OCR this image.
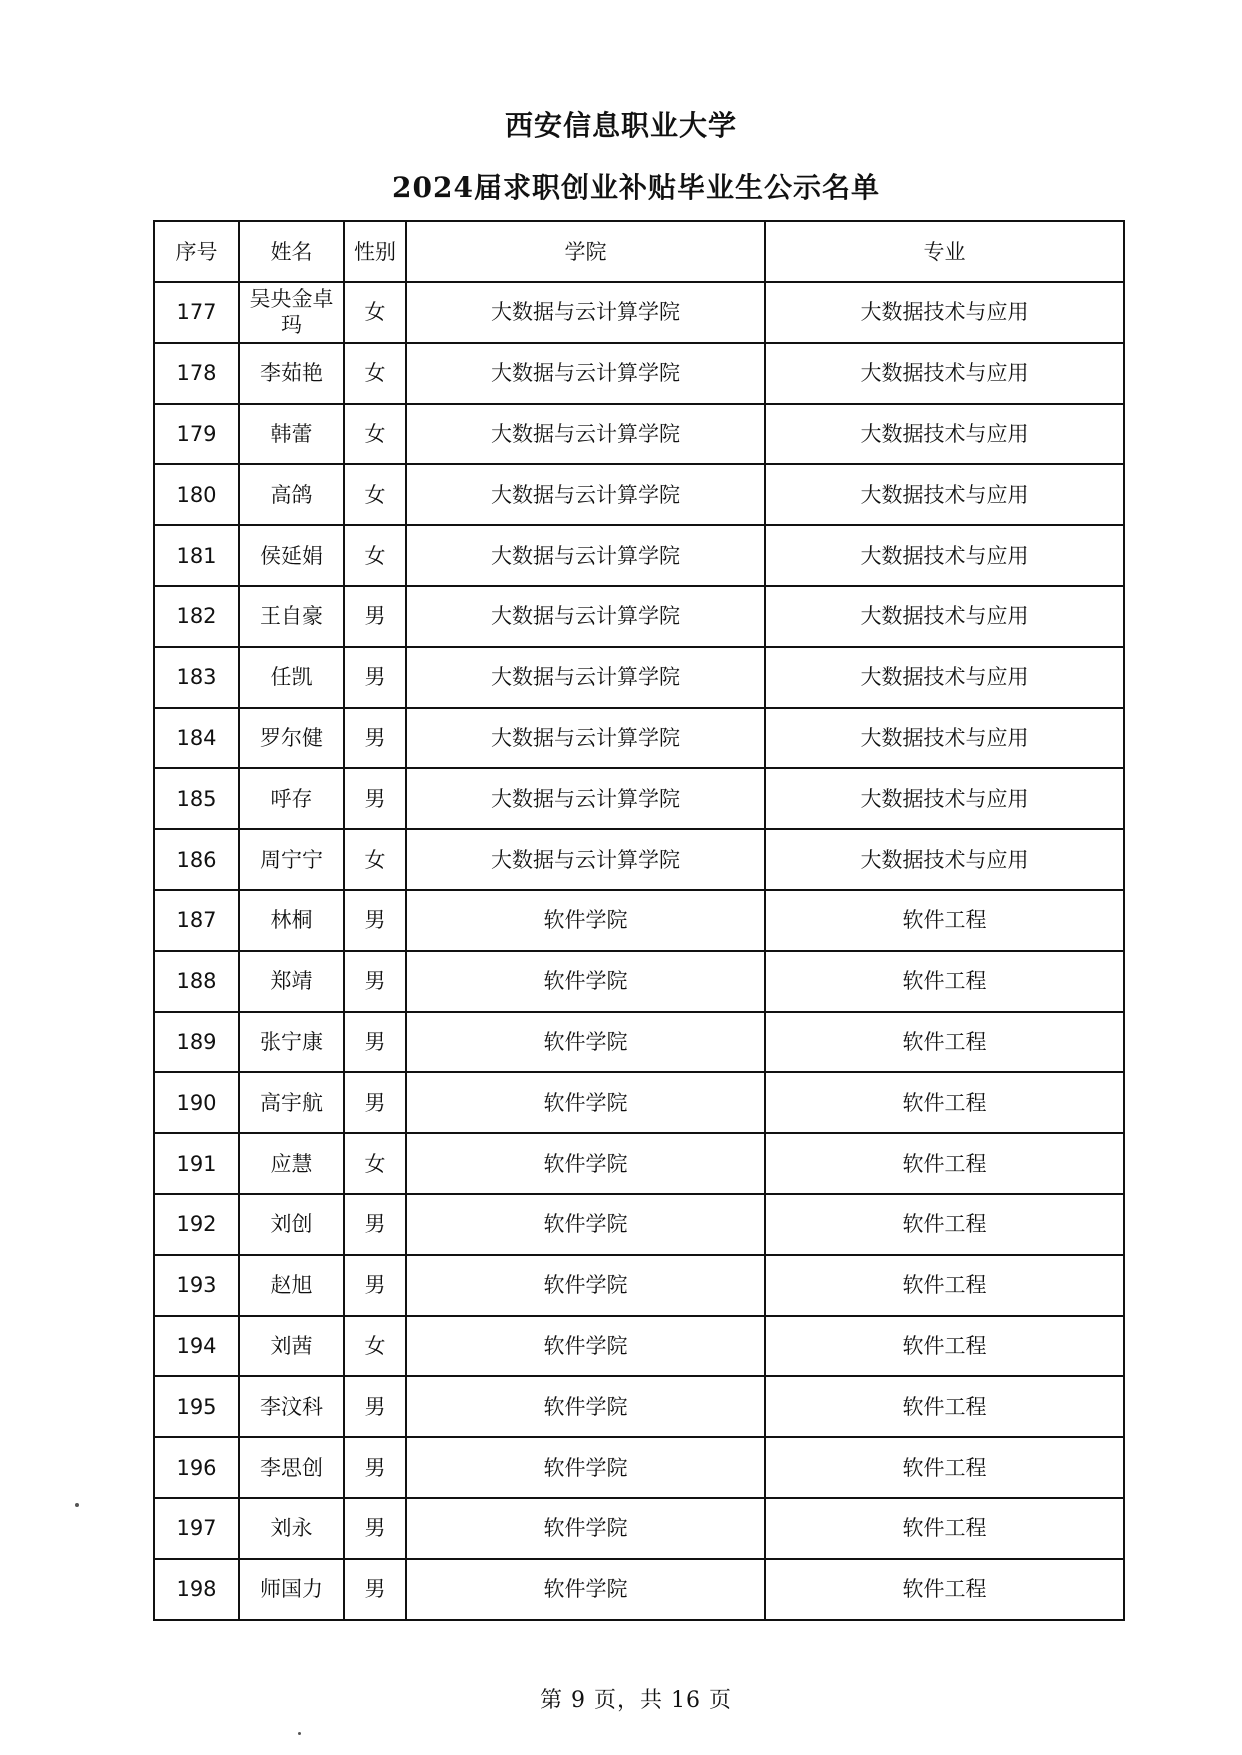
西安信息职业大学
2024届求职创业补贴毕业生公示名单
序号	姓名	性别	学院	专业
177	吴央金卓玛	女	大数据与云计算学院	大数据技术与应用
178	李茹艳	女	大数据与云计算学院	大数据技术与应用
179	韩蕾	女	大数据与云计算学院	大数据技术与应用
180	高鸽	女	大数据与云计算学院	大数据技术与应用
181	侯延娟	女	大数据与云计算学院	大数据技术与应用
182	王自豪	男	大数据与云计算学院	大数据技术与应用
183	任凯	男	大数据与云计算学院	大数据技术与应用
184	罗尔健	男	大数据与云计算学院	大数据技术与应用
185	呼存	男	大数据与云计算学院	大数据技术与应用
186	周宁宁	女	大数据与云计算学院	大数据技术与应用
187	林桐	男	软件学院	软件工程
188	郑靖	男	软件学院	软件工程
189	张宁康	男	软件学院	软件工程
190	高宇航	男	软件学院	软件工程
191	应慧	女	软件学院	软件工程
192	刘创	男	软件学院	软件工程
193	赵旭	男	软件学院	软件工程
194	刘茜	女	软件学院	软件工程
195	李汶科	男	软件学院	软件工程
196	李思创	男	软件学院	软件工程
197	刘永	男	软件学院	软件工程
198	师国力	男	软件学院	软件工程
第 9 页，共 16 页
